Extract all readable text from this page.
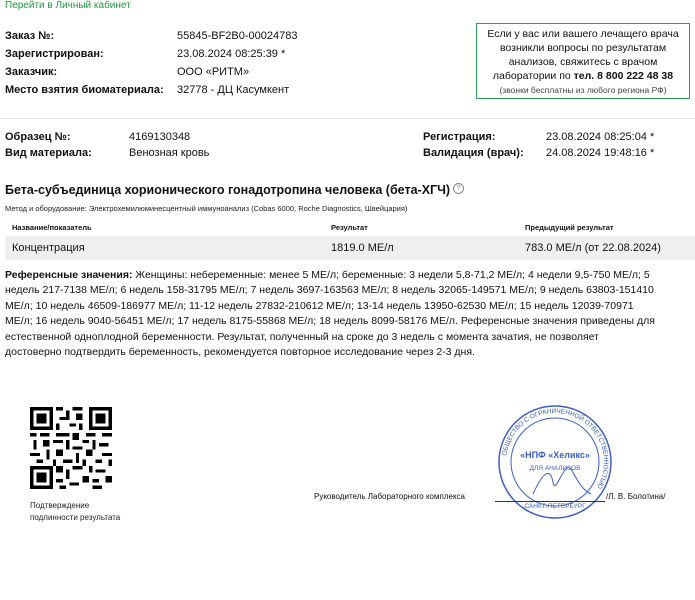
Перейти в Личный кабинет
Заказ №:	55845-BF2B0-00024783
Зарегистрирован:	23.08.2024 08:25:39 *
Заказчик:	ООО «РИТМ»
Место взятия биоматериала: 32778 - ДЦ Касумкент
Если у вас или вашего лечащего врача
возникли вопросы по результатам
анализов, свяжитесь с врачом
лаборатории по тел. 8 800 222 48 38
(звонки бесплатны из любого региона РФ)
Образец №:	4169130348
Вид материала:	Венозная кровь
Регистрация:	23.08.2024 08:25:04 *
Валидация (врач): 24.08.2024 19:48:16 *
Бета-субъединица хорионического гонадотропина человека (бета-ХГЧ) ?
Метод и оборудование: Электрохемилюминесцентный иммуноанализ (Cobas 6000, Roche Diagnostics, Швейцария)
Название/показатель	Результат	Предыдущий результат
Концентрация	1819.0 МЕ/л	783.0 МЕ/л (от 22.08.2024)
Референсные значения: Женщины: небеременные: менее 5 МЕ/л; беременные: 3 недели 5,8-71,2 МЕ/л; 4 недели 9,5-750 МЕ/л; 5
недель 217-7138 МЕ/л; 6 недель 158-31795 МЕ/л; 7 недель 3697-163563 МЕ/л; 8 недель 32065-149571 МЕ/л; 9 недель 63803-151410
МЕ/л; 10 недель 46509-186977 МЕ/л; 11-12 недель 27832-210612 МЕ/л; 13-14 недель 13950-62530 МЕ/л; 15 недель 12039-70971
МЕ/л; 16 недель 9040-56451 МЕ/л; 17 недель 8175-55868 МЕ/л; 18 недель 8099-58176 МЕ/л. Референсные значения приведены для
естественной одноплодной беременности. Результат, полученный на сроке до 3 недель с момента зачатия, не позволяет
достоверно подтвердить беременность, рекомендуется повторное исследование через 2-3 дня.
Подтверждение
подлинности результата
ОБЩЕСТВО С ОГРАНИЧЕННОЙ ОТВЕТСТВЕННОСТЬЮ
«НПФ «Хеликс»
ДЛЯ АНАЛИЗОВ
САНКТ-ПЕТЕРБУРГ
Руководитель Лабораторного комплекса	/Л. В. Болотина/
